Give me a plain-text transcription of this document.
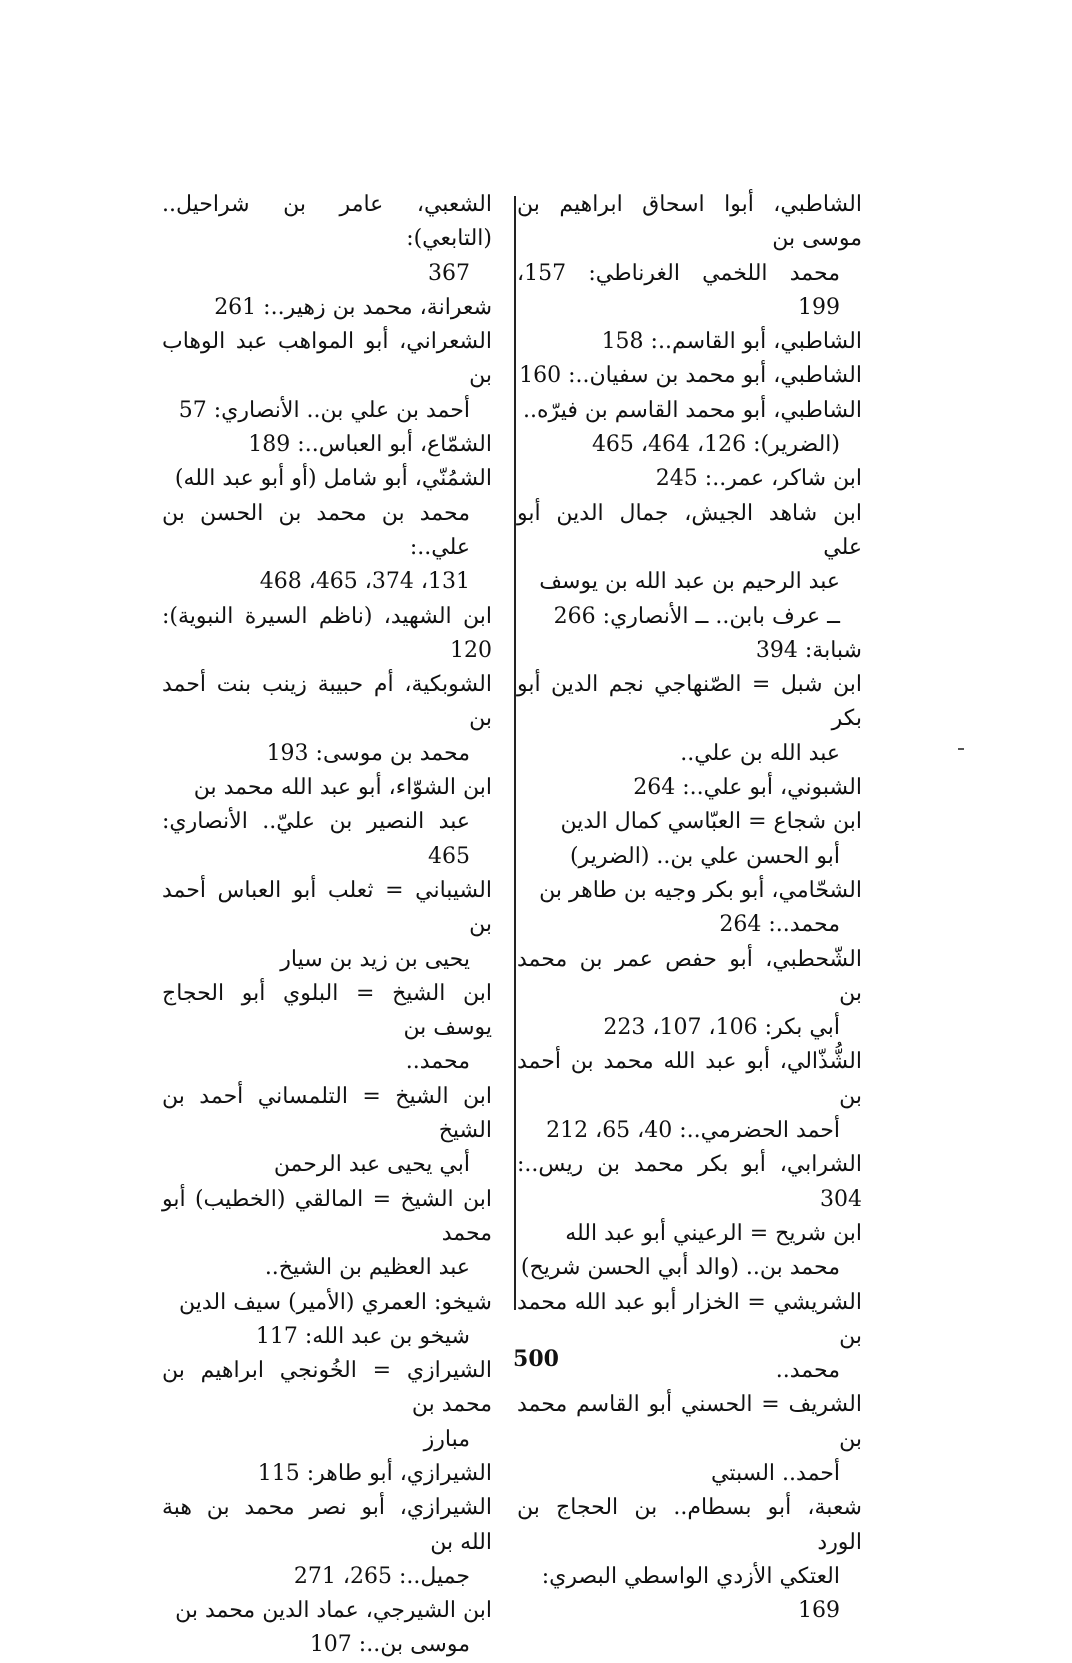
الشاطبي، أبوا اسحاق ابراهيم بن موسى بن
محمد اللخمي الغرناطي: 157، 199
الشاطبي، أبو القاسم..: 158
الشاطبي، أبو محمد بن سفيان..: 160
الشاطبي، أبو محمد القاسم بن فيرّه..
(الضرير): 126، 464، 465
ابن شاكر، عمر..: 245
ابن شاهد الجيش، جمال الدين أبو علي
عبد الرحيم بن عبد الله بن يوسف
ــ عرف بابن.. ــ الأنصاري: 266
شبابة: 394
ابن شبل = الصّنهاجي نجم الدين أبو بكر
عبد الله بن علي..
الشبوني، أبو علي..: 264
ابن شجاع = العبّاسي كمال الدين
أبو الحسن علي بن.. (الضرير)
الشحّامي، أبو بكر وجيه بن طاهر بن
محمد..: 264
الشّحطبي، أبو حفص عمر بن محمد بن
أبي بكر: 106، 107، 223
الشُّذّالي، أبو عبد الله محمد بن أحمد بن
أحمد الحضرمي..: 40، 65، 212
الشرابي، أبو بكر محمد بن ريس..: 304
ابن شريح = الرعيني أبو عبد الله
محمد بن.. (والد أبي الحسن شريح)
الشريشي = الخزار أبو عبد الله محمد بن
محمد..
الشريف = الحسني أبو القاسم محمد بن
أحمد.. السبتي
شعبة، أبو بسطام.. بن الحجاج بن الورد
العتكي الأزدي الواسطي البصري:
169
الشعبي، عامر بن شراحيل.. (التابعي):
367
شعرانة، محمد بن زهير..: 261
الشعراني، أبو المواهب عبد الوهاب بن
أحمد بن علي بن.. الأنصاري: 57
الشمّاع، أبو العباس..: 189
الشمُنّي، أبو شامل (أو أبو عبد الله)
محمد بن محمد بن الحسن بن علي..:
131، 374، 465، 468
ابن الشهيد، (ناظم السيرة النبوية): 120
الشوبكية، أم حبيبة زينب بنت أحمد بن
محمد بن موسى: 193
ابن الشوّاء، أبو عبد الله محمد بن
عبد النصير بن عليّ.. الأنصاري: 465
الشيباني = ثعلب أبو العباس أحمد بن
يحيى بن زيد بن سيار
ابن الشيخ = البلوي أبو الحجاج يوسف بن
محمد..
ابن الشيخ = التلمساني أحمد بن الشيخ
أبي يحيى عبد الرحمن
ابن الشيخ = المالقي (الخطيب) أبو محمد
عبد العظيم بن الشيخ..
شيخو: العمري (الأمير) سيف الدين
شيخو بن عبد الله: 117
الشيرازي = الخُونجي ابراهيم بن محمد بن
مبارز
الشيرازي، أبو طاهر: 115
الشيرازي، أبو نصر محمد بن هبة الله بن
جميل..: 265، 271
ابن الشيرجي، عماد الدين محمد بن
موسى بن..: 107
500
